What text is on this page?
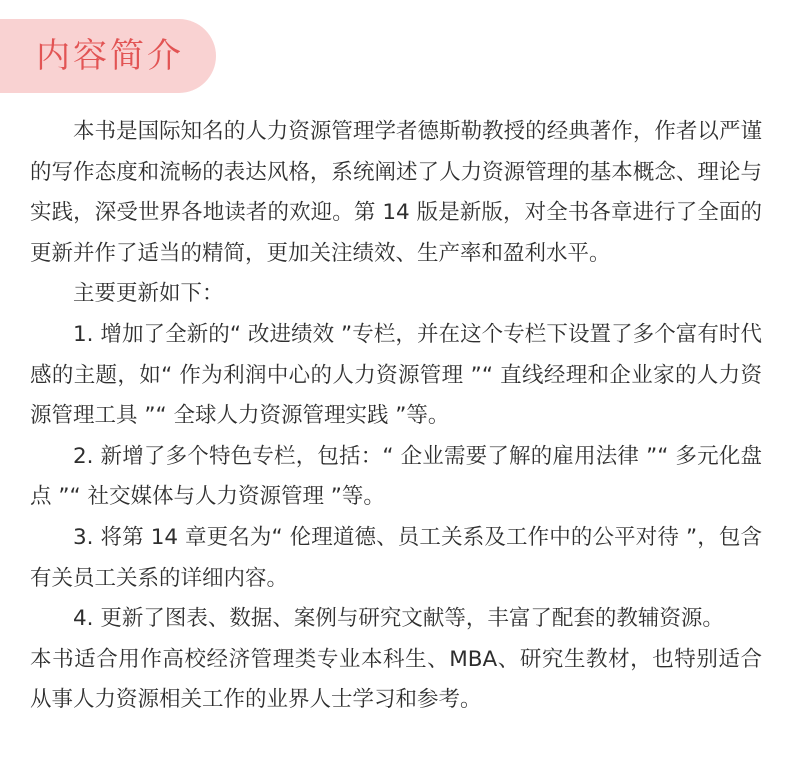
内容简介

本书是国际知名的人力资源管理学者德斯勒教授的经典著作，作者以严谨的写作态度和流畅的表达风格，系统阐述了人力资源管理的基本概念、理论与实践，深受世界各地读者的欢迎。第 14 版是新版，对全书各章进行了全面的更新并作了适当的精简，更加关注绩效、生产率和盈利水平。

主要更新如下：

1. 增加了全新的“ 改进绩效 ”专栏，并在这个专栏下设置了多个富有时代感的主题，如“ 作为利润中心的人力资源管理 ”“ 直线经理和企业家的人力资源管理工具 ”“ 全球人力资源管理实践 ”等。

2. 新增了多个特色专栏，包括：“ 企业需要了解的雇用法律 ”“ 多元化盘点 ”“ 社交媒体与人力资源管理 ”等。

3. 将第 14 章更名为“ 伦理道德、员工关系及工作中的公平对待 ”，包含有关员工关系的详细内容。

4. 更新了图表、数据、案例与研究文献等，丰富了配套的教辅资源。

本书适合用作高校经济管理类专业本科生、MBA、研究生教材，也特别适合从事人力资源相关工作的业界人士学习和参考。
